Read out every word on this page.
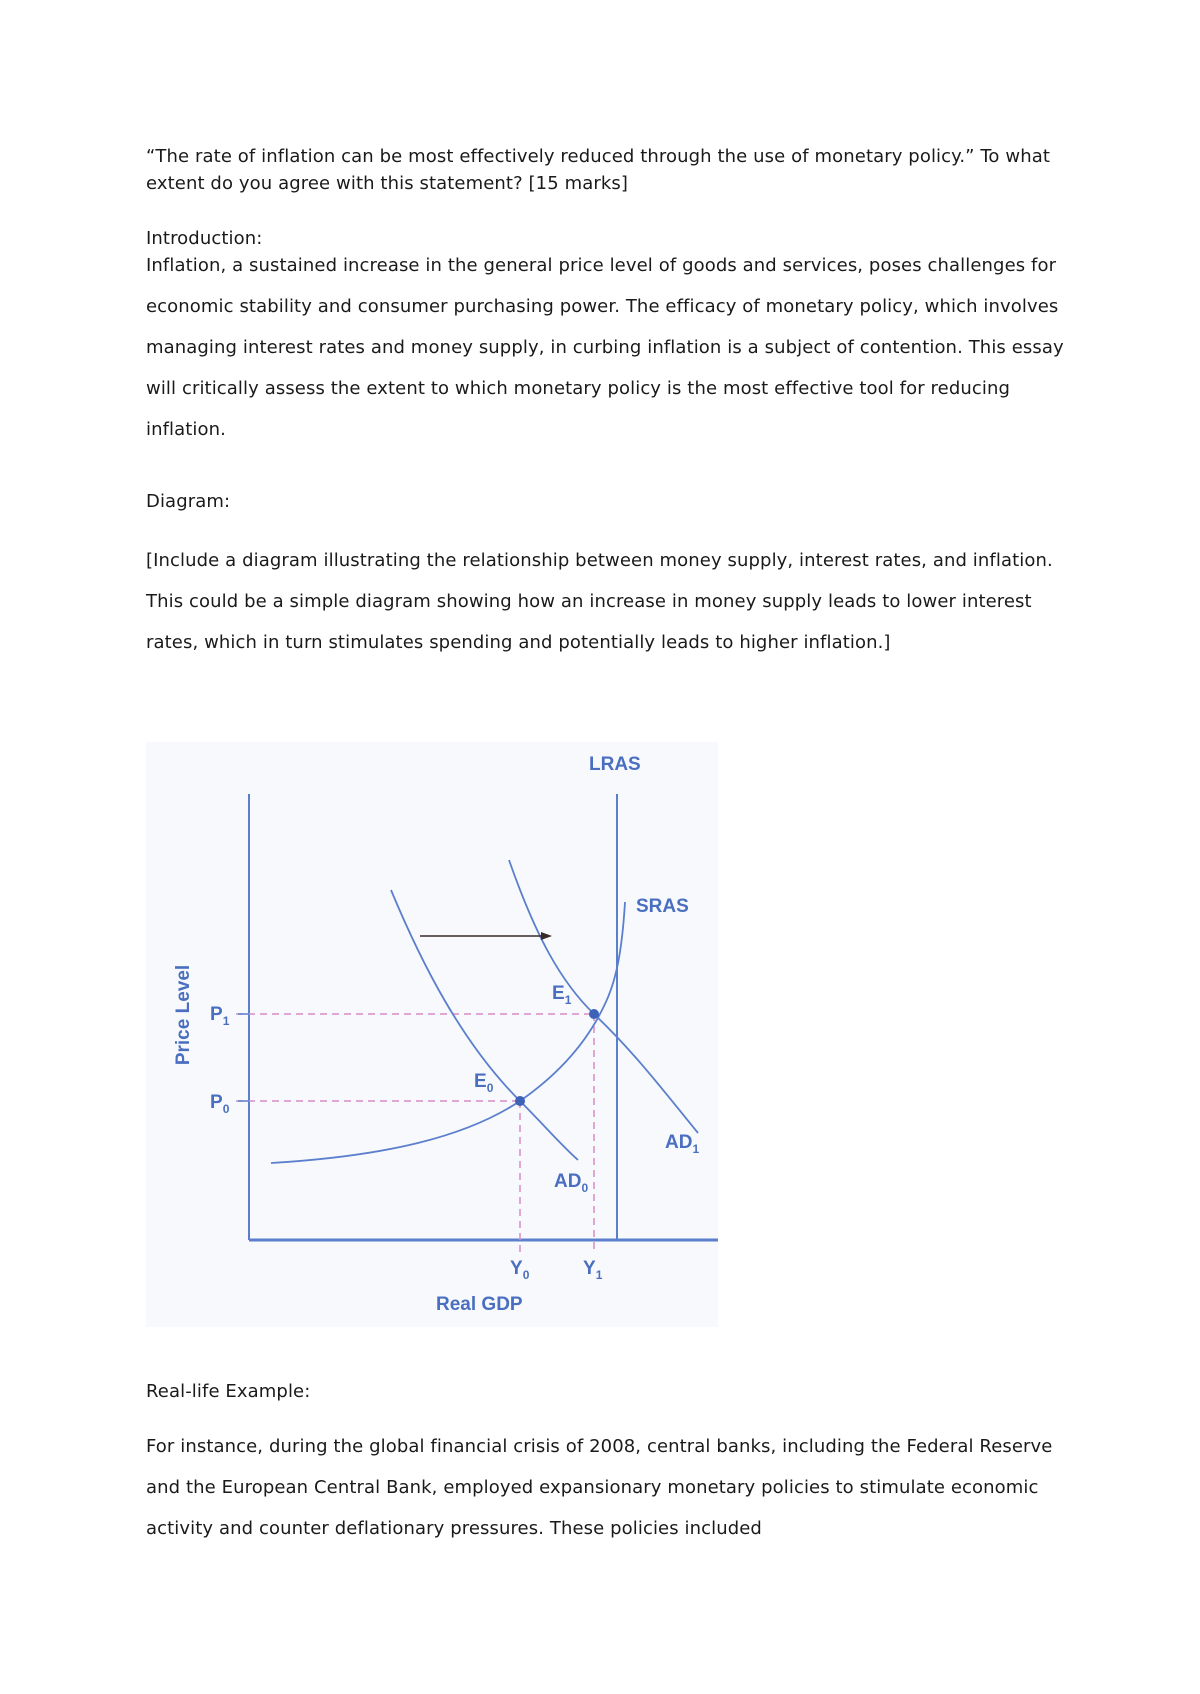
“The rate of inflation can be most effectively reduced through the use of monetary policy.” To what extent do you agree with this statement? [15 marks]

Introduction:

Inflation, a sustained increase in the general price level of goods and services, poses challenges for economic stability and consumer purchasing power. The efficacy of monetary policy, which involves managing interest rates and money supply, in curbing inflation is a subject of contention. This essay will critically assess the extent to which monetary policy is the most effective tool for reducing inflation.

Diagram:

[Include a diagram illustrating the relationship between money supply, interest rates, and inflation. This could be a simple diagram showing how an increase in money supply leads to lower interest rates, which in turn stimulates spending and potentially leads to higher inflation.]

LRAS
SRAS
$AD_0$
$AD_1$
$E_0$
$E_1$
$P_1$
$P_0$
$Y_0$	$Y_1$
Real GDP
Price Level

Real-life Example:

For instance, during the global financial crisis of 2008, central banks, including the Federal Reserve and the European Central Bank, employed expansionary monetary policies to stimulate economic activity and counter deflationary pressures. These policies included
